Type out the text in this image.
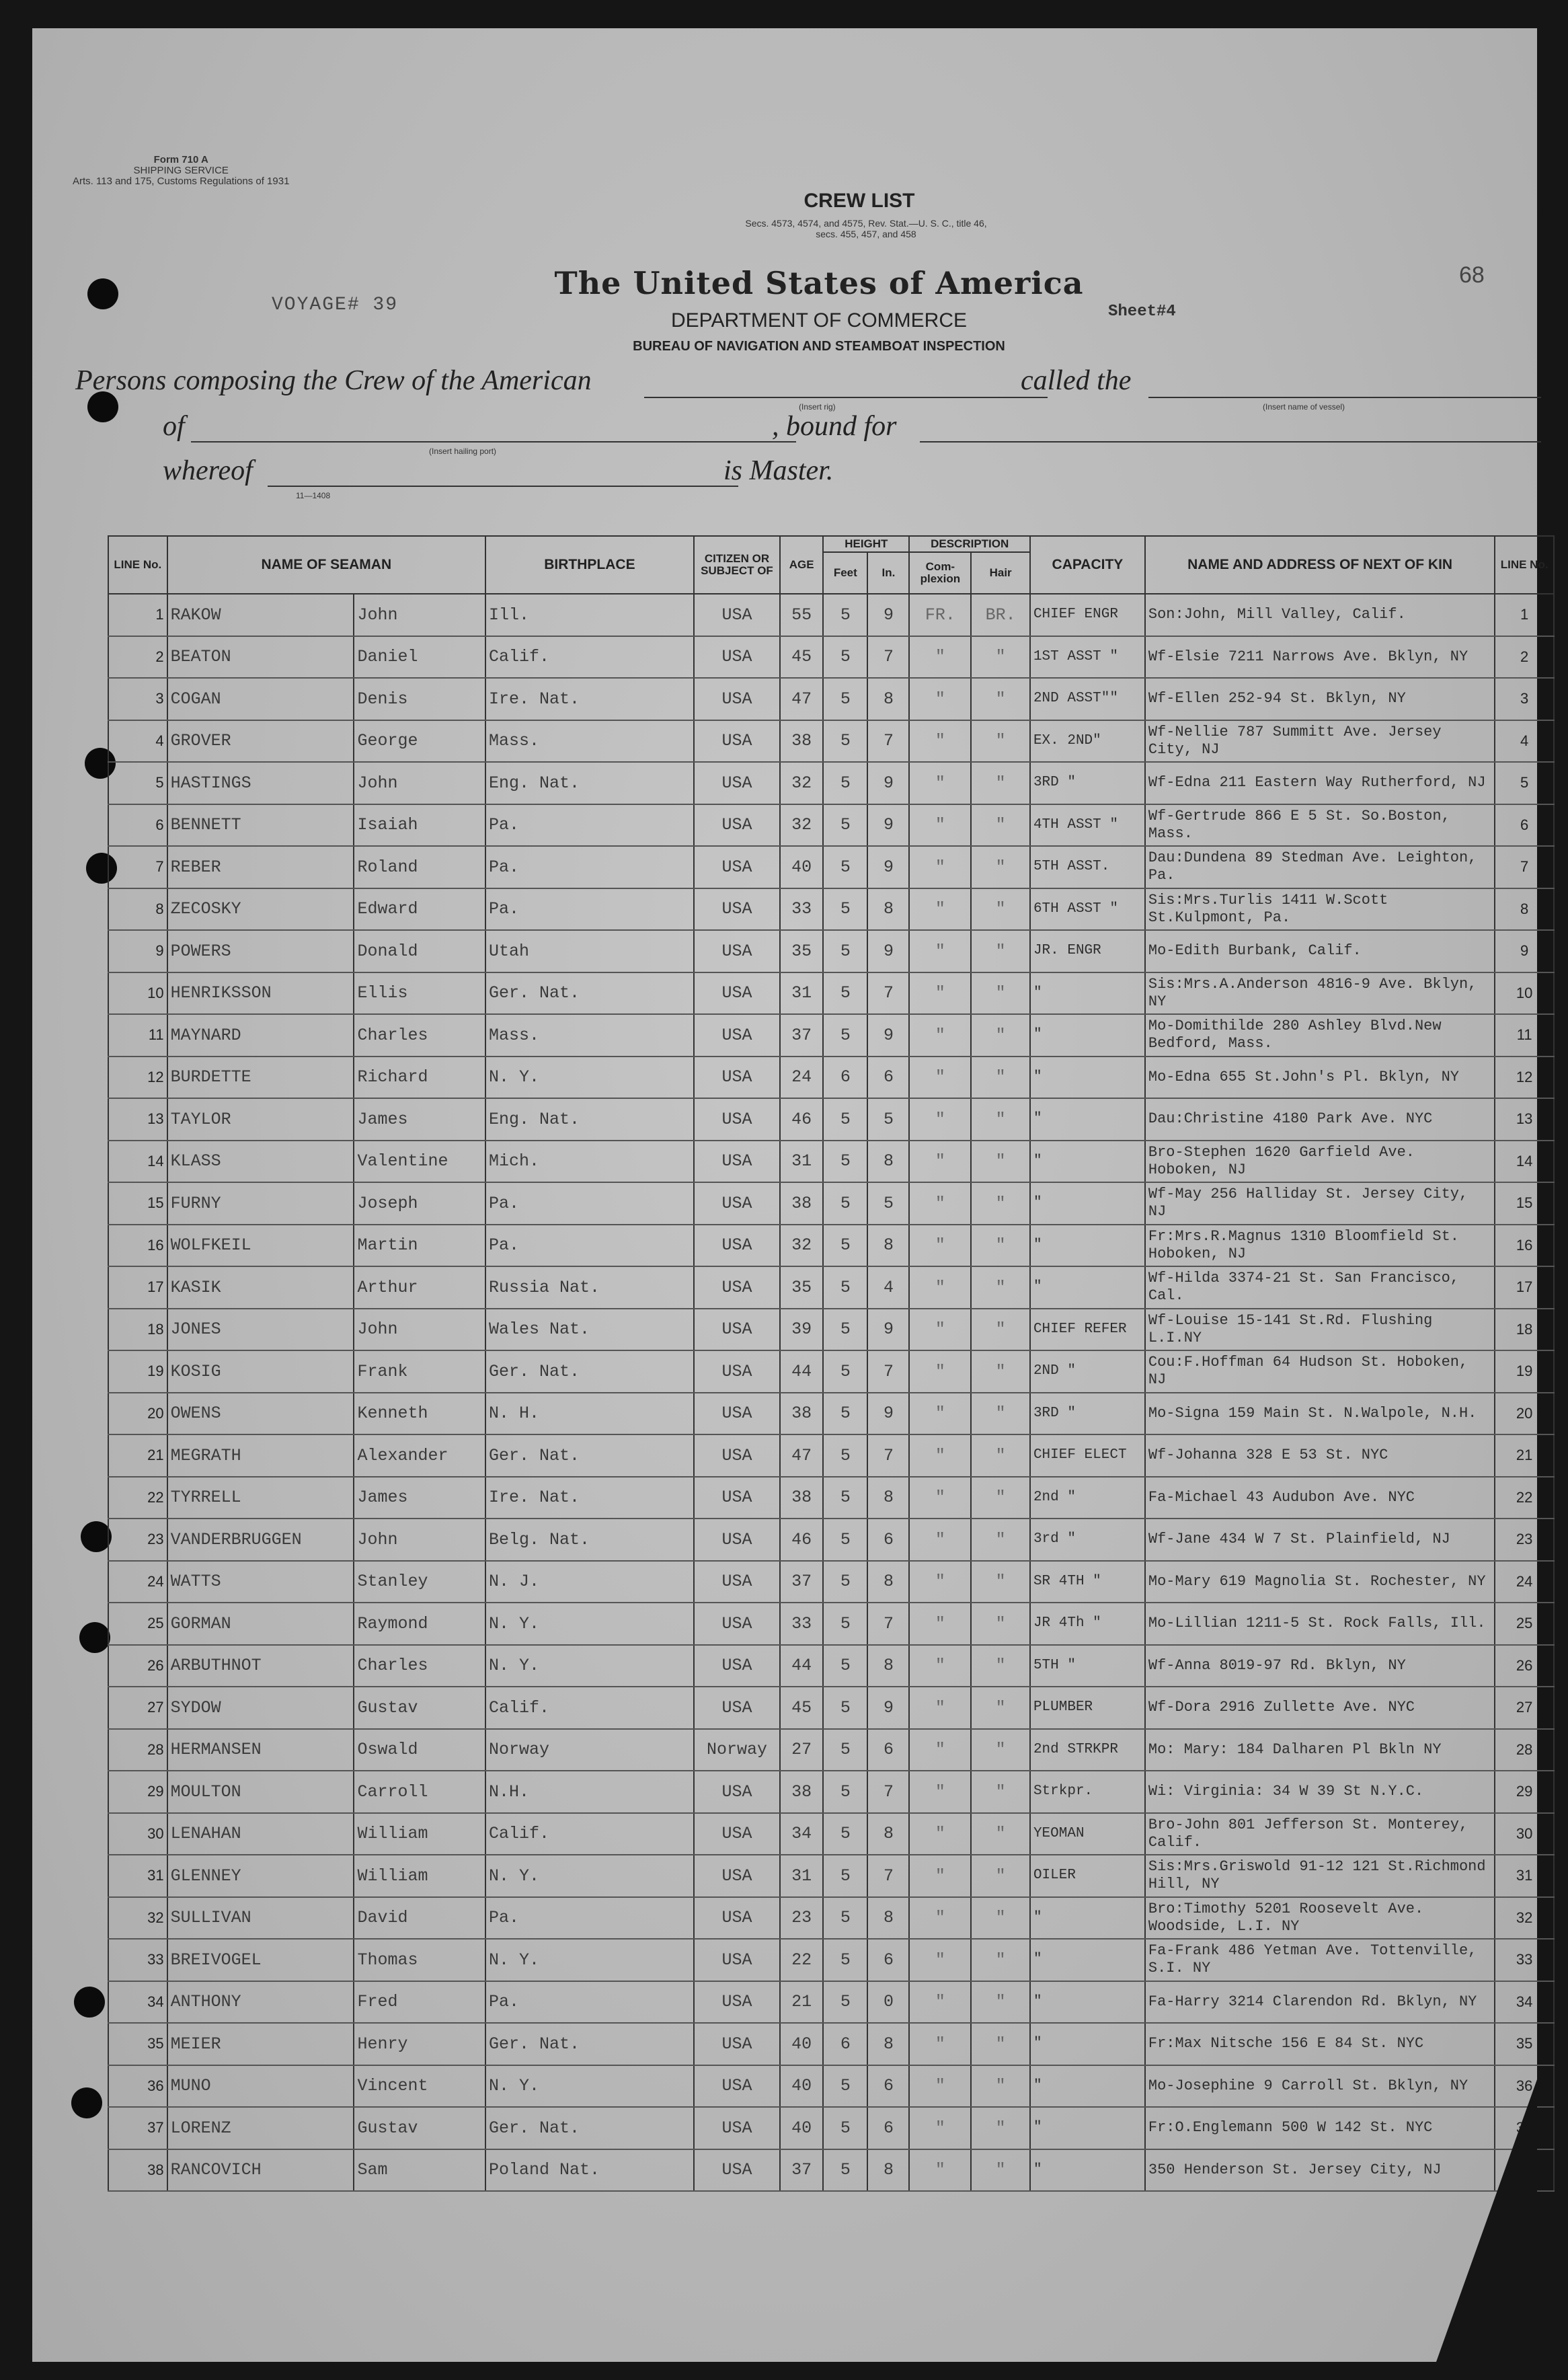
Form 710 A
SHIPPING SERVICE
Arts. 113 and 175, Customs Regulations of 1931
CREW LIST
Secs. 4573, 4574, and 4575, Rev. Stat.—U. S. C., title 46,
secs. 455, 457, and 458
The United States of America
DEPARTMENT OF COMMERCE
BUREAU OF NAVIGATION AND STEAMBOAT INSPECTION
VOYAGE# 39	Sheet#4
68
Persons composing the Crew of the American
(Insert rig)
called the
(Insert name of vessel)
of
(Insert hailing port)
, bound for
whereof
11—1408
is Master.
LINE No.	NAME OF SEAMAN		BIRTHPLACE	CITIZEN OR SUBJECT OF	AGE	HEIGHT		DESCRIPTION		CAPACITY	NAME AND ADDRESS OF NEXT OF KIN	LINE No.
						Feet	In.	Com-plexion	Hair			
1	RAKOW	John	Ill.	USA	55	5	9	FR.	BR.	CHIEF ENGR	Son:John, Mill Valley, Calif.	1
2	BEATON	Daniel	Calif.	USA	45	5	7	"	"	1ST ASST "	Wf-Elsie 7211 Narrows Ave. Bklyn, NY	2
3	COGAN	Denis	Ire. Nat.	USA	47	5	8	"	"	2ND ASST""	Wf-Ellen 252-94 St. Bklyn, NY	3
4	GROVER	George	Mass.	USA	38	5	7	"	"	EX. 2ND"	Wf-Nellie 787 Summitt Ave. Jersey City, NJ	4
5	HASTINGS	John	Eng. Nat.	USA	32	5	9	"	"	3RD "	Wf-Edna 211 Eastern Way Rutherford, NJ	5
6	BENNETT	Isaiah	Pa.	USA	32	5	9	"	"	4TH ASST "	Wf-Gertrude 866 E 5 St. So.Boston, Mass.	6
7	REBER	Roland	Pa.	USA	40	5	9	"	"	5TH ASST.	Dau:Dundena 89 Stedman Ave. Leighton, Pa.	7
8	ZECOSKY	Edward	Pa.	USA	33	5	8	"	"	6TH ASST "	Sis:Mrs.Turlis 1411 W.Scott St.Kulpmont, Pa.	8
9	POWERS	Donald	Utah	USA	35	5	9	"	"	JR. ENGR	Mo-Edith Burbank, Calif.	9
10	HENRIKSSON	Ellis	Ger. Nat.	USA	31	5	7	"	"	"	Sis:Mrs.A.Anderson 4816-9 Ave. Bklyn, NY	10
11	MAYNARD	Charles	Mass.	USA	37	5	9	"	"	"	Mo-Domithilde 280 Ashley Blvd.New Bedford, Mass.	11
12	BURDETTE	Richard	N. Y.	USA	24	6	6	"	"	"	Mo-Edna 655 St.John's Pl. Bklyn, NY	12
13	TAYLOR	James	Eng. Nat.	USA	46	5	5	"	"	"	Dau:Christine 4180 Park Ave. NYC	13
14	KLASS	Valentine	Mich.	USA	31	5	8	"	"	"	Bro-Stephen 1620 Garfield Ave. Hoboken, NJ	14
15	FURNY	Joseph	Pa.	USA	38	5	5	"	"	"	Wf-May 256 Halliday St. Jersey City, NJ	15
16	WOLFKEIL	Martin	Pa.	USA	32	5	8	"	"	"	Fr:Mrs.R.Magnus 1310 Bloomfield St. Hoboken, NJ	16
17	KASIK	Arthur	Russia Nat.	USA	35	5	4	"	"	"	Wf-Hilda 3374-21 St. San Francisco, Cal.	17
18	JONES	John	Wales Nat.	USA	39	5	9	"	"	CHIEF REFER	Wf-Louise 15-141 St.Rd. Flushing L.I.NY	18
19	KOSIG	Frank	Ger. Nat.	USA	44	5	7	"	"	2ND "	Cou:F.Hoffman 64 Hudson St. Hoboken, NJ	19
20	OWENS	Kenneth	N. H.	USA	38	5	9	"	"	3RD "	Mo-Signa 159 Main St. N.Walpole, N.H.	20
21	MEGRATH	Alexander	Ger. Nat.	USA	47	5	7	"	"	CHIEF ELECT	Wf-Johanna 328 E 53 St. NYC	21
22	TYRRELL	James	Ire. Nat.	USA	38	5	8	"	"	2nd "	Fa-Michael 43 Audubon Ave. NYC	22
23	VANDERBRUGGEN	John	Belg. Nat.	USA	46	5	6	"	"	3rd "	Wf-Jane 434 W 7 St. Plainfield, NJ	23
24	WATTS	Stanley	N. J.	USA	37	5	8	"	"	SR 4TH "	Mo-Mary 619 Magnolia St. Rochester, NY	24
25	GORMAN	Raymond	N. Y.	USA	33	5	7	"	"	JR 4Th "	Mo-Lillian 1211-5 St. Rock Falls, Ill.	25
26	ARBUTHNOT	Charles	N. Y.	USA	44	5	8	"	"	5TH "	Wf-Anna 8019-97 Rd. Bklyn, NY	26
27	SYDOW	Gustav	Calif.	USA	45	5	9	"	"	PLUMBER	Wf-Dora 2916 Zullette Ave. NYC	27
28	HERMANSEN	Oswald	Norway	Norway	27	5	6	"	"	2nd STRKPR	Mo: Mary: 184 Dalharen Pl Bkln NY	28
29	MOULTON	Carroll	N.H.	USA	38	5	7	"	"	Strkpr.	Wi: Virginia: 34 W 39 St N.Y.C.	29
30	LENAHAN	William	Calif.	USA	34	5	8	"	"	YEOMAN	Bro-John 801 Jefferson St. Monterey, Calif.	30
31	GLENNEY	William	N. Y.	USA	31	5	7	"	"	OILER	Sis:Mrs.Griswold 91-12 121 St.Richmond Hill, NY	31
32	SULLIVAN	David	Pa.	USA	23	5	8	"	"	"	Bro:Timothy 5201 Roosevelt Ave. Woodside, L.I. NY	32
33	BREIVOGEL	Thomas	N. Y.	USA	22	5	6	"	"	"	Fa-Frank 486 Yetman Ave. Tottenville, S.I. NY	33
34	ANTHONY	Fred	Pa.	USA	21	5	0	"	"	"	Fa-Harry 3214 Clarendon Rd. Bklyn, NY	34
35	MEIER	Henry	Ger. Nat.	USA	40	6	8	"	"	"	Fr:Max Nitsche 156 E 84 St. NYC	35
36	MUNO	Vincent	N. Y.	USA	40	5	6	"	"	"	Mo-Josephine 9 Carroll St. Bklyn, NY	36
37	LORENZ	Gustav	Ger. Nat.	USA	40	5	6	"	"	"	Fr:O.Englemann 500 W 142 St. NYC	37
38	RANCOVICH	Sam	Poland Nat.	USA	37	5	8	"	"	"	350 Henderson St. Jersey City, NJ	38
